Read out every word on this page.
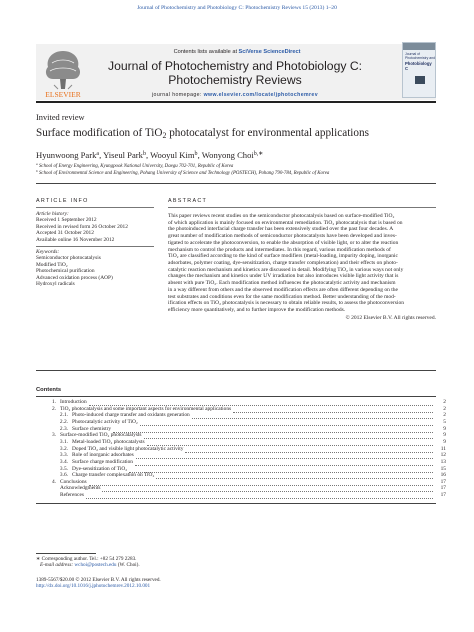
Journal of Photochemistry and Photobiology C: Photochemistry Reviews 15 (2013) 1–20
Contents lists available at SciVerse ScienceDirect
ELSEVIER
Journal of Photochemistry and Photobiology C:
Photochemistry Reviews
journal homepage: www.elsevier.com/locate/jphotochemrev
Journal of Photochemistry and
Photobiology C
Invited review
Surface modification of TiO$_2$ photocatalyst for environmental applications
Hyunwoong Park$^a$, Yiseul Park$^b$, Wooyul Kim$^b$, Wonyong Choi$^{b,∗}$
$^a$ School of Energy Engineering, Kyungpook National University, Daegu 702-701, Republic of Korea
$^b$ School of Environmental Science and Engineering, Pohang University of Science and Technology (POSTECH), Pohang 790-784, Republic of Korea
ARTICLE INFO
Article history:
Received 1 September 2012
Received in revised form 26 October 2012
Accepted 31 October 2012
Available online 16 November 2012
Keywords:
Semiconductor photocatalysis
Modified TiO₂
Photochemical purification
Advanced oxidation process (AOP)
Hydroxyl radicals
ABSTRACT
This paper reviews recent studies on the semiconductor photocatalysis based on surface-modified TiO₂
of which application is mainly focused on environmental remediation. TiO₂ photocatalysis that is based on
the photoinduced interfacial charge transfer has been extensively studied over the past four decades. A
great number of modification methods of semiconductor photocatalysts have been developed and inves-
tigated to accelerate the photoconversion, to enable the absorption of visible light, or to alter the reaction
mechanism to control the products and intermediates. In this regard, various modification methods of
TiO₂ are classified according to the kind of surface modifiers (metal-loading, impurity doping, inorganic
adsorbates, polymer coating, dye-sensitization, charge transfer complexation) and their effects on photo-
catalytic reaction mechanism and kinetics are discussed in detail. Modifying TiO₂ in various ways not only
changes the mechanism and kinetics under UV irradiation but also introduces visible light activity that is
absent with pure TiO₂. Each modification method influences the photocatalytic activity and mechanism
in a way different from others and the observed modification effects are often different depending on the
test substrates and conditions even for the same modification method. Better understanding of the mod-
ification effects on TiO₂ photocatalysis is necessary to obtain reliable results, to assess the photoconversion
efficiency more quantitatively, and to further improve the modification methods.
© 2012 Elsevier B.V. All rights reserved.
Contents
1. Introduction	2
2. TiO₂ photocatalysis and some important aspects for environmental applications	2
2.1. Photo-induced charge transfer and oxidants generation	2
2.2. Photocatalytic activity of TiO₂	5
2.3. Surface chemistry	9
3. Surface-modified TiO₂ photocatalysts	9
3.1. Metal-loaded TiO₂ photocatalysts	9
3.2. Doped TiO₂ and visible light photocatalytic activity	11
3.3. Role of inorganic adsorbates	12
3.4. Surface charge modification	13
3.5. Dye-sensitization of TiO₂	15
3.6. Charge transfer complexation on TiO₂	16
4. Conclusions	17
Acknowledgments	17
References	17
∗ Corresponding author. Tel.: +82 54 279 2283.
E-mail address: wchoi@postech.edu (W. Choi).
1389-5567/$20.00 © 2012 Elsevier B.V. All rights reserved.
http://dx.doi.org/10.1016/j.jphotochemrev.2012.10.001
